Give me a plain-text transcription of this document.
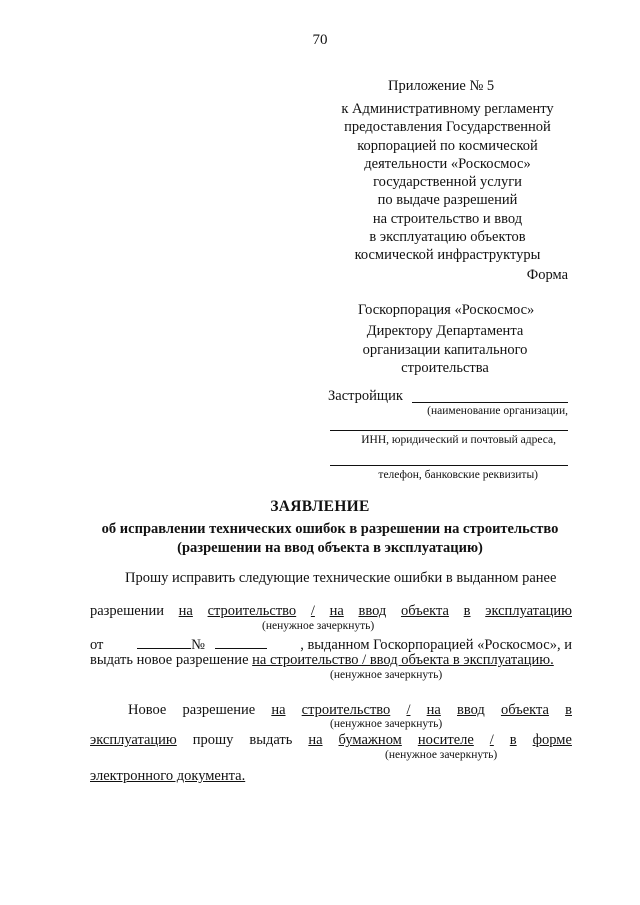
70
Приложение № 5
к Административному регламенту
предоставления Государственной
корпорацией по космической
деятельности «Роскосмос»
государственной услуги
по выдаче разрешений
на строительство и ввод
в эксплуатацию объектов
космической инфраструктуры
Форма
Госкорпорация «Роскосмос»
Директору Департамента
организации капитального
строительства
Застройщик
(наименование организации,
ИНН, юридический и почтовый адреса,
телефон, банковские реквизиты)
ЗАЯВЛЕНИЕ
об исправлении технических ошибок в разрешении на строительство
(разрешении на ввод объекта в эксплуатацию)
Прошу исправить следующие технические ошибки в выданном ранее
разрешении на строительство / на ввод объекта в эксплуатацию
(ненужное зачеркнуть)
от	№	, выданном Госкорпорацией «Роскосмос», и
выдать новое разрешение на строительство / ввод объекта в эксплуатацию.
(ненужное зачеркнуть)
Новое разрешение на строительство / на ввод объекта в
(ненужное зачеркнуть)
эксплуатацию прошу выдать на бумажном носителе / в форме
(ненужное зачеркнуть)
электронного документа.
